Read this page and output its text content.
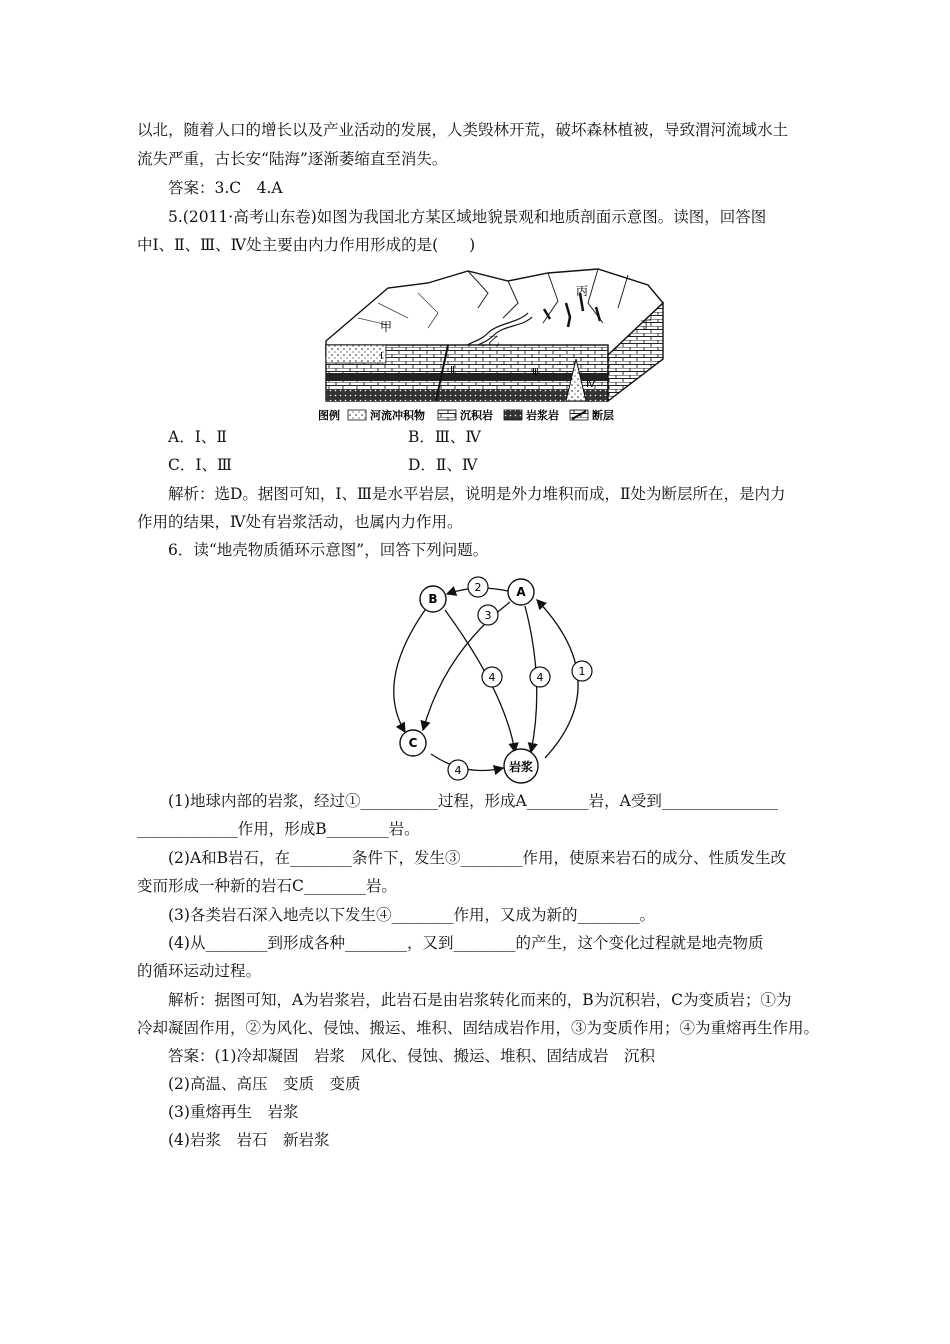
以北，随着人口的增长以及产业活动的发展，人类毁林开荒，破坏森林植被，导致渭河流域水土
流失严重，古长安“陆海”逐渐萎缩直至消失。
答案：3.C　4.A
5.(2011·高考山东卷)如图为我国北方某区域地貌景观和地质剖面示意图。读图，回答图
中Ⅰ、Ⅱ、Ⅲ、Ⅳ处主要由内力作用形成的是(　　)
甲
乙
丙
丁
Ⅰ
Ⅱ	Ⅲ
Ⅳ
图例	河流冲积物	沉积岩	岩浆岩	断层
A．Ⅰ、Ⅱ	B．Ⅲ、Ⅳ
C．Ⅰ、Ⅲ	D．Ⅱ、Ⅳ
解析：选D。据图可知，Ⅰ、Ⅲ是水平岩层，说明是外力堆积而成，Ⅱ处为断层所在，是内力
作用的结果，Ⅳ处有岩浆活动，也属内力作用。
6．读“地壳物质循环示意图”，回答下列问题。
B	A
C
岩浆
2
3
4	4	1
4
(1)地球内部的岩浆，经过①__________过程，形成A________岩，A受到_______________
_____________作用，形成B________岩。
(2)A和B岩石，在________条件下，发生③________作用，使原来岩石的成分、性质发生改
变而形成一种新的岩石C________岩。
(3)各类岩石深入地壳以下发生④________作用，又成为新的________。
(4)从________到形成各种________，又到________的产生，这个变化过程就是地壳物质
的循环运动过程。
解析：据图可知，A为岩浆岩，此岩石是由岩浆转化而来的，B为沉积岩，C为变质岩；①为
冷却凝固作用，②为风化、侵蚀、搬运、堆积、固结成岩作用，③为变质作用；④为重熔再生作用。
答案：(1)冷却凝固　岩浆　风化、侵蚀、搬运、堆积、固结成岩　沉积
(2)高温、高压　变质　变质
(3)重熔再生　岩浆
(4)岩浆　岩石　新岩浆
